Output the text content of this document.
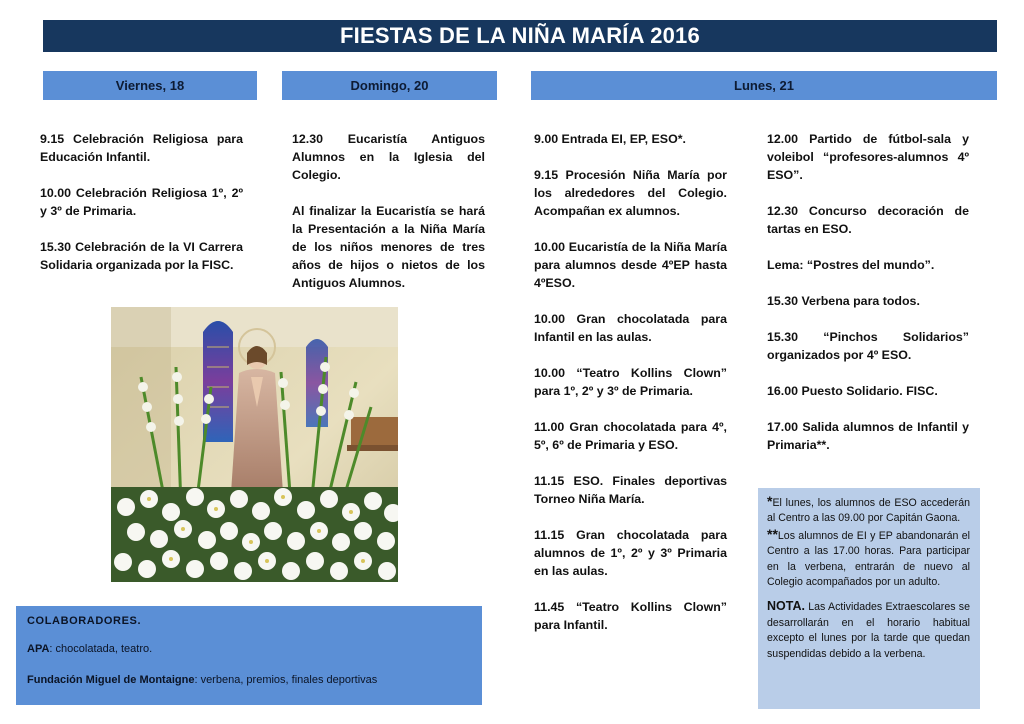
FIESTAS DE LA NIÑA MARÍA 2016
Viernes, 18	Domingo, 20	Lunes, 21

9.15 Celebración Religiosa para Educación Infantil.

10.00 Celebración Religiosa 1º, 2º y 3º de Primaria.

15.30 Celebración de la VI Carrera Solidaria organizada por la FISC.

12.30 Eucaristía Antiguos Alumnos en la Iglesia del Colegio.

Al finalizar la Eucaristía se hará la Presentación a la Niña María de los niños menores de tres años de hijos o nietos de los Antiguos Alumnos.

9.00 Entrada EI, EP, ESO*.

9.15 Procesión Niña María por los alrededores del Colegio. Acompañan ex alumnos.

10.00 Eucaristía de la Niña María para alumnos desde 4ºEP hasta 4ºESO.

10.00 Gran chocolatada para Infantil en las aulas.

10.00 “Teatro Kollins Clown” para 1º, 2º y 3º de Primaria.

11.00 Gran chocolatada para 4º, 5º, 6º de Primaria y ESO.

11.15 ESO. Finales deportivas Torneo Niña María.

11.15 Gran chocolatada para alumnos de 1º, 2º y 3º Primaria en las aulas.

11.45 “Teatro Kollins Clown” para Infantil.

12.00 Partido de fútbol-sala y voleibol “profesores-alumnos 4º ESO”.

12.30 Concurso decoración de tartas en ESO.

Lema: “Postres del mundo”.

15.30 Verbena para todos.

15.30 “Pinchos Solidarios” organizados por 4º ESO.

16.00 Puesto Solidario. FISC.

17.00 Salida alumnos de Infantil y Primaria**.

*El lunes, los alumnos de ESO accederán al Centro a las 09.00 por Capitán Gaona.
**Los alumnos de EI y EP abandonarán el Centro a las 17.00 horas. Para participar en la verbena, entrarán de nuevo al Colegio acompañados por un adulto.
NOTA. Las Actividades Extraescolares se desarrollarán en el horario habitual excepto el lunes por la tarde que quedan suspendidas debido a la verbena.
COLABORADORES.
APA: chocolatada, teatro.
Fundación Miguel de Montaigne: verbena, premios, finales deportivas
